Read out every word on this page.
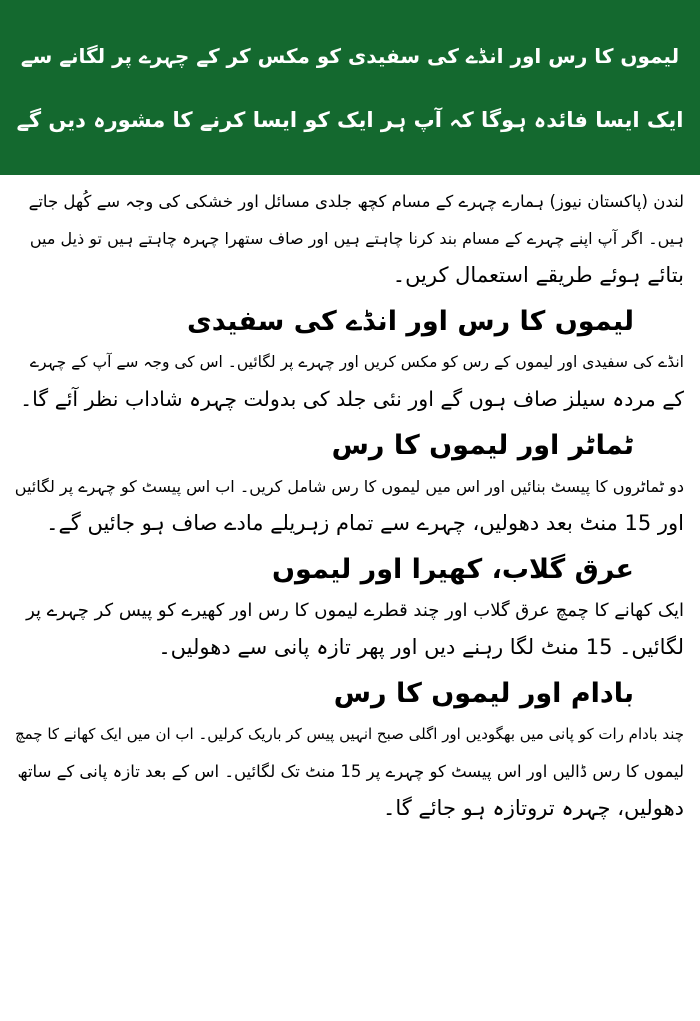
لیموں کا رس اور انڈے کی سفیدی کو مکس کر کے چہرے پر لگانے سے
ایک ایسا فائدہ ہوگا کہ آپ ہر ایک کو ایسا کرنے کا مشورہ دیں گے
لندن (پاکستان نیوز) ہمارے چہرے کے مسام کچھ جلدی مسائل اور خشکی کی وجہ سے کُھل جاتے
ہیں۔ اگر آپ اپنے چہرے کے مسام بند کرنا چاہتے ہیں اور صاف ستھرا چہرہ چاہتے ہیں تو ذیل میں
بتائے ہوئے طریقے استعمال کریں۔
لیموں کا رس اور انڈے کی سفیدی
انڈے کی سفیدی اور لیموں کے رس کو مکس کریں اور چہرے پر لگائیں۔ اس کی وجہ سے آپ کے چہرے
کے مردہ سیلز صاف ہوں گے اور نئی جلد کی بدولت چہرہ شاداب نظر آئے گا۔
ٹماٹر اور لیموں کا رس
دو ٹماٹروں کا پیسٹ بنائیں اور اس میں لیموں کا رس شامل کریں۔ اب اس پیسٹ کو چہرے پر لگائیں
اور 15 منٹ بعد دھولیں، چہرے سے تمام زہریلے مادے صاف ہو جائیں گے۔
عرق گلاب، کھیرا اور لیموں
ایک کھانے کا چمچ عرق گلاب اور چند قطرے لیموں کا رس اور کھیرے کو پیس کر چہرے پر
لگائیں۔ 15 منٹ لگا رہنے دیں اور پھر تازہ پانی سے دھولیں۔
بادام اور لیموں کا رس
چند بادام رات کو پانی میں بھگودیں اور اگلی صبح انہیں پیس کر باریک کرلیں۔ اب ان میں ایک کھانے کا چمچ
لیموں کا رس ڈالیں اور اس پیسٹ کو چہرے پر 15 منٹ تک لگائیں۔ اس کے بعد تازہ پانی کے ساتھ
دھولیں، چہرہ تروتازہ ہو جائے گا۔
